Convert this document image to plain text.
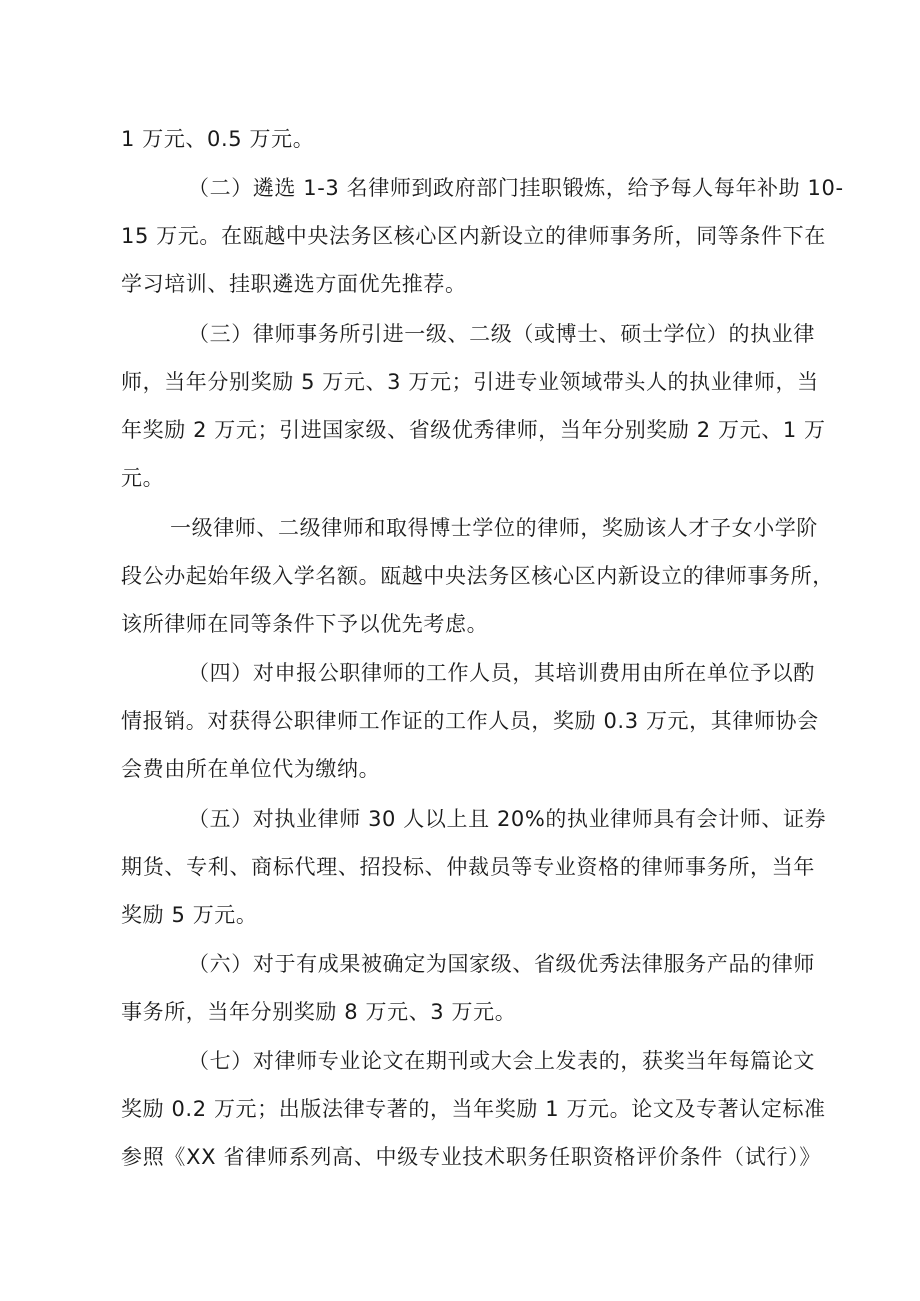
1 万元、0.5 万元。
（二）遴选 1-3 名律师到政府部门挂职锻炼，给予每人每年补助 10-
15 万元。在瓯越中央法务区核心区内新设立的律师事务所，同等条件下在
学习培训、挂职遴选方面优先推荐。
（三）律师事务所引进一级、二级（或博士、硕士学位）的执业律
师，当年分别奖励 5 万元、3 万元；引进专业领域带头人的执业律师，当
年奖励 2 万元；引进国家级、省级优秀律师，当年分别奖励 2 万元、1 万
元。
一级律师、二级律师和取得博士学位的律师，奖励该人才子女小学阶
段公办起始年级入学名额。瓯越中央法务区核心区内新设立的律师事务所，
该所律师在同等条件下予以优先考虑。
（四）对申报公职律师的工作人员，其培训费用由所在单位予以酌
情报销。对获得公职律师工作证的工作人员，奖励 0.3 万元，其律师协会
会费由所在单位代为缴纳。
（五）对执业律师 30 人以上且 20%的执业律师具有会计师、证券
期货、专利、商标代理、招投标、仲裁员等专业资格的律师事务所，当年
奖励 5 万元。
（六）对于有成果被确定为国家级、省级优秀法律服务产品的律师
事务所，当年分别奖励 8 万元、3 万元。
（七）对律师专业论文在期刊或大会上发表的，获奖当年每篇论文
奖励 0.2 万元；出版法律专著的，当年奖励 1 万元。论文及专著认定标准
参照《XX 省律师系列高、中级专业技术职务任职资格评价条件（试行）》
